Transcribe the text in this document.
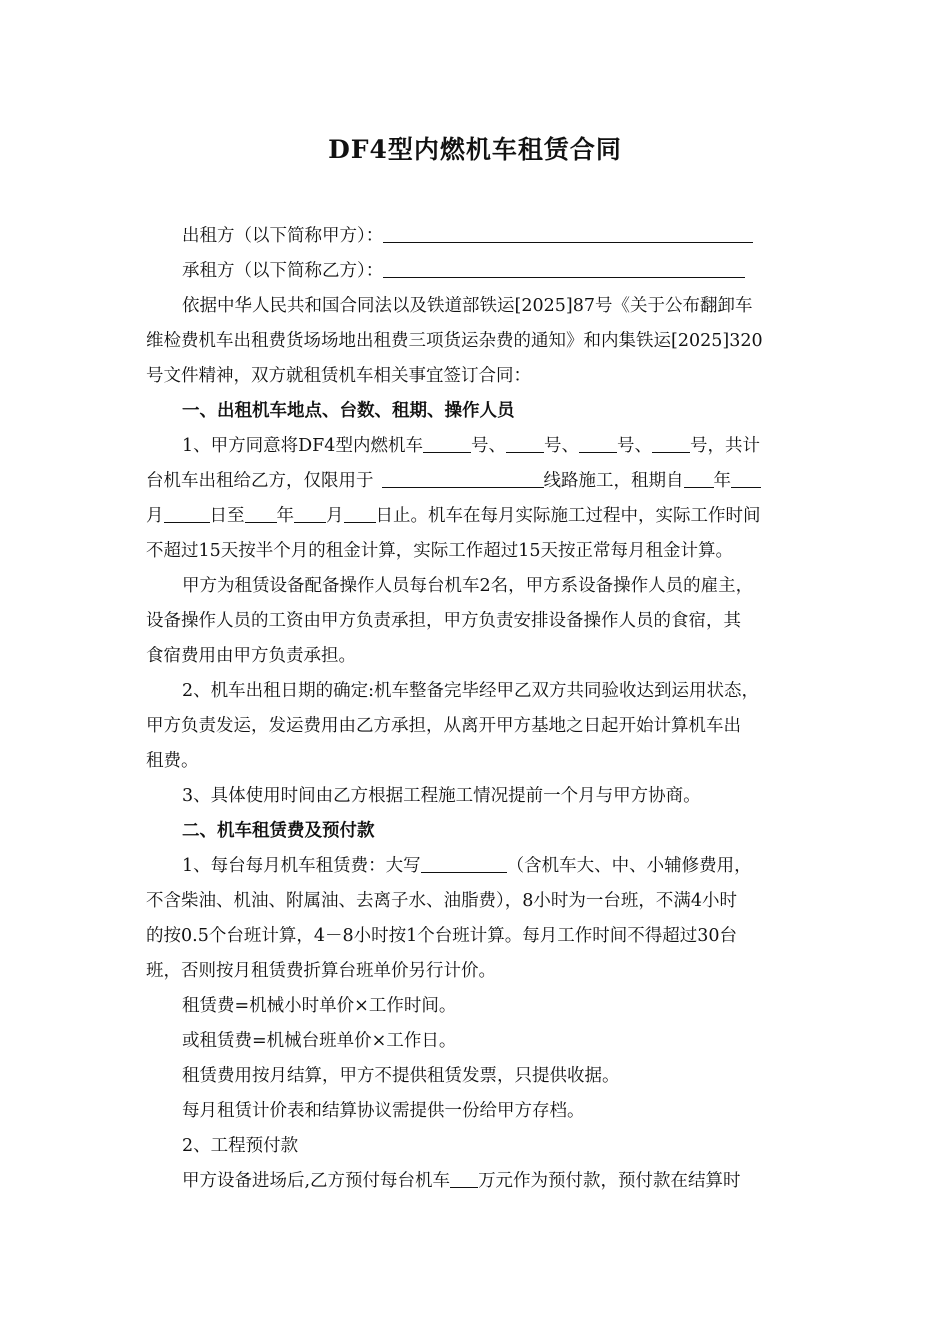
DF4型内燃机车租赁合同

出租方（以下简称甲方）：

承租方（以下简称乙方）：

依据中华人民共和国合同法以及铁道部铁运[2025]87号《关于公布翻卸车

维检费机车出租费货场场地出租费三项货运杂费的通知》和内集铁运[2025]320

号文件精神，双方就租赁机车相关事宜签订合同：

一、出租机车地点、台数、租期、操作人员

1、甲方同意将DF4型内燃机车	号、 号、 号、 号，共计

台机车出租给乙方，仅限用于	线路施工，租期自 年

月	日至 年 月 日止。机车在每月实际施工过程中，实际工作时间

不超过15天按半个月的租金计算，实际工作超过15天按正常每月租金计算。

甲方为租赁设备配备操作人员每台机车2名，甲方系设备操作人员的雇主，

设备操作人员的工资由甲方负责承担，甲方负责安排设备操作人员的食宿，其

食宿费用由甲方负责承担。

2、机车出租日期的确定:机车整备完毕经甲乙双方共同验收达到运用状态，

甲方负责发运，发运费用由乙方承担，从离开甲方基地之日起开始计算机车出

租费。

3、具体使用时间由乙方根据工程施工情况提前一个月与甲方协商。

二、机车租赁费及预付款

1、每台每月机车租赁费：大写	（含机车大、中、小辅修费用，

不含柴油、机油、附属油、去离子水、油脂费），8小时为一台班，不满4小时

的按0.5个台班计算，4－8小时按1个台班计算。每月工作时间不得超过30台

班，否则按月租赁费折算台班单价另行计价。

租赁费=机械小时单价×工作时间。

或租赁费=机械台班单价×工作日。

租赁费用按月结算，甲方不提供租赁发票，只提供收据。

每月租赁计价表和结算协议需提供一份给甲方存档。

2、工程预付款

甲方设备进场后,乙方预付每台机车 万元作为预付款，预付款在结算时
